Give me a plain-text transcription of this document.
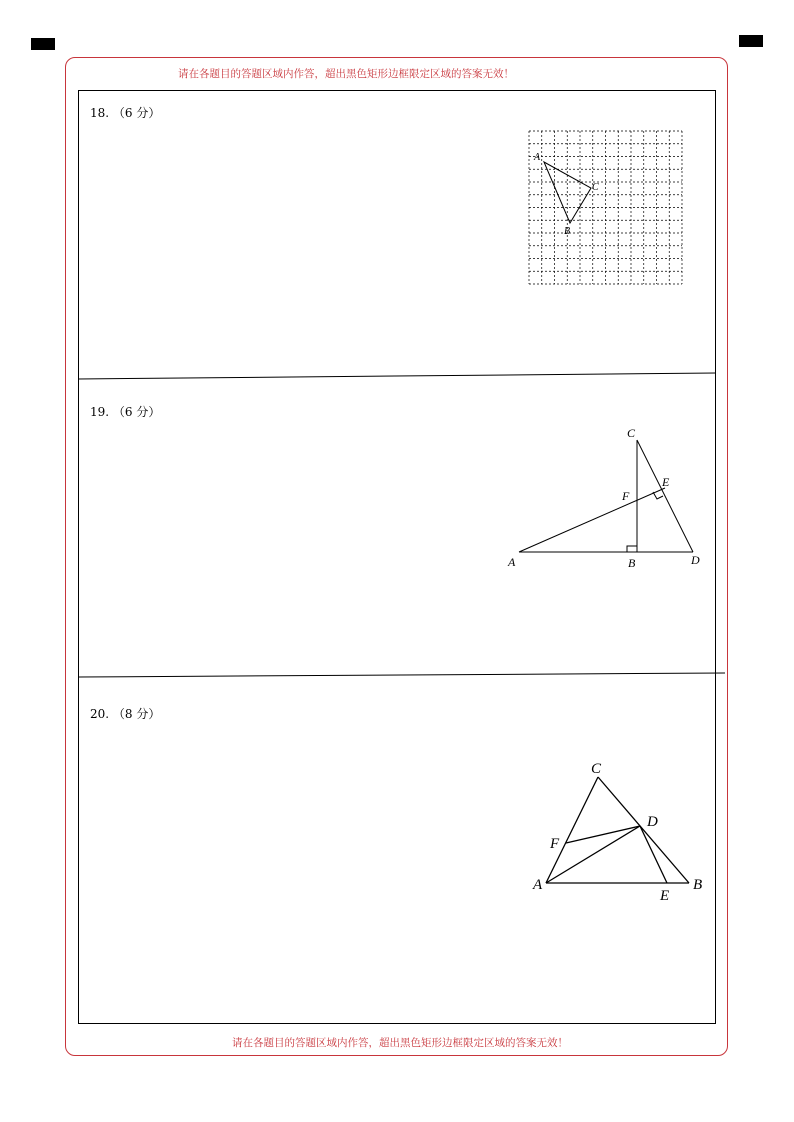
请在各题目的答题区域内作答，超出黑色矩形边框限定区域的答案无效！
请在各题目的答题区域内作答，超出黑色矩形边框限定区域的答案无效！
18. （6 分）
19. （6 分）
20. （8 分）
A
C
B
C
E
F
A	B	D
C
D
F
A	B
E
